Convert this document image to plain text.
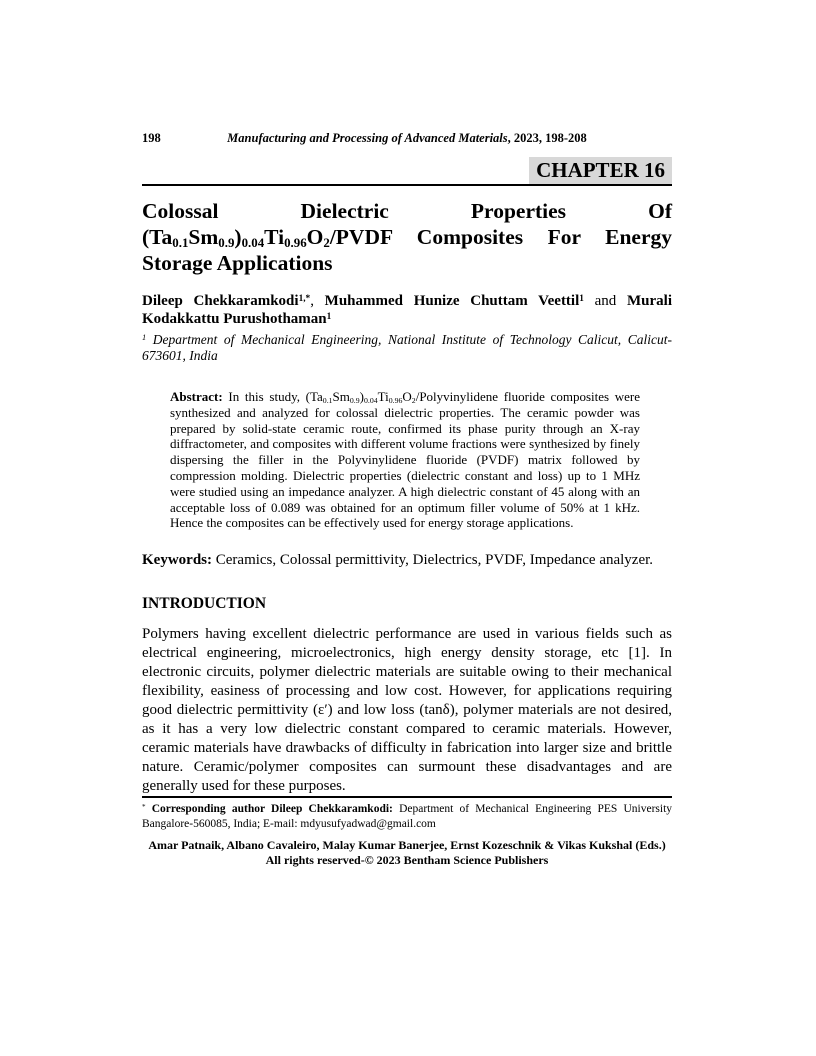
198	Manufacturing and Processing of Advanced Materials, 2023, 198-208
CHAPTER 16
Colossal Dielectric Properties Of $(Ta_{0.1}Sm_{0.9})_{0.04}Ti_{0.96}O_2$/PVDF Composites For Energy Storage Applications

Dileep Chekkaramkodi$^{1,*}$, Muhammed Hunize Chuttam Veettil$^1$ and Murali Kodakkattu Purushothaman$^1$

$^1$ Department of Mechanical Engineering, National Institute of Technology Calicut, Calicut-673601, India

Abstract: In this study, $(Ta_{0.1}Sm_{0.9})_{0.04}Ti_{0.96}O_2$/Polyvinylidene fluoride composites were synthesized and analyzed for colossal dielectric properties. The ceramic powder was prepared by solid-state ceramic route, confirmed its phase purity through an X-ray diffractometer, and composites with different volume fractions were synthesized by finely dispersing the filler in the Polyvinylidene fluoride (PVDF) matrix followed by compression molding. Dielectric properties (dielectric constant and loss) up to 1 MHz were studied using an impedance analyzer. A high dielectric constant of 45 along with an acceptable loss of 0.089 was obtained for an optimum filler volume of 50% at 1 kHz. Hence the composites can be effectively used for energy storage applications.

Keywords: Ceramics, Colossal permittivity, Dielectrics, PVDF, Impedance analyzer.

INTRODUCTION

Polymers having excellent dielectric performance are used in various fields such as electrical engineering, microelectronics, high energy density storage, etc [1]. In electronic circuits, polymer dielectric materials are suitable owing to their mechanical flexibility, easiness of processing and low cost. However, for applications requiring good dielectric permittivity (ε′) and low loss (tanδ), polymer materials are not desired, as it has a very low dielectric constant compared to ceramic materials. However, ceramic materials have drawbacks of difficulty in fabrication into larger size and brittle nature. Ceramic/polymer composites can surmount these disadvantages and are generally used for these purposes.

* Corresponding author Dileep Chekkaramkodi: Department of Mechanical Engineering PES University Bangalore-560085, India; E-mail: mdyusufyadwad@gmail.com
Amar Patnaik, Albano Cavaleiro, Malay Kumar Banerjee, Ernst Kozeschnik & Vikas Kukshal (Eds.)
All rights reserved-© 2023 Bentham Science Publishers
